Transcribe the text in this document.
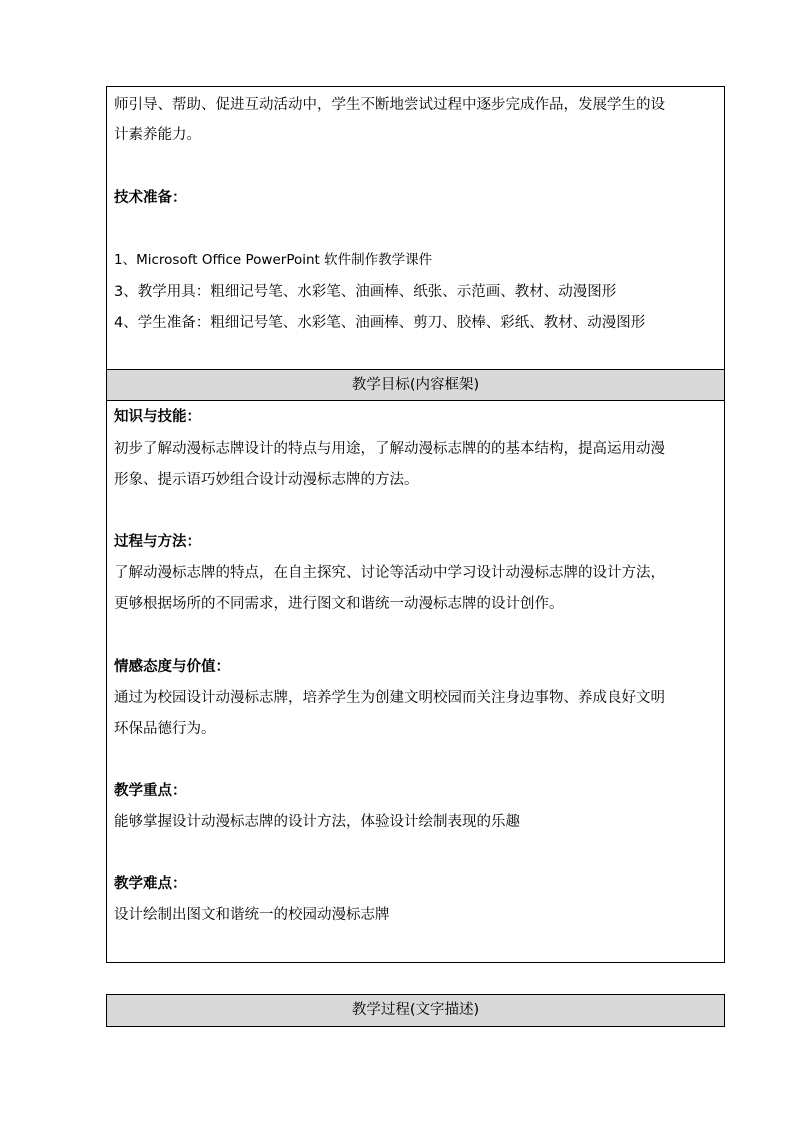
师引导、帮助、促进互动活动中，学生不断地尝试过程中逐步完成作品，发展学生的设
计素养能力。
技术准备：
1、Microsoft Office PowerPoint 软件制作教学课件
3、教学用具：粗细记号笔、水彩笔、油画棒、纸张、示范画、教材、动漫图形
4、学生准备：粗细记号笔、水彩笔、油画棒、剪刀、胶棒、彩纸、教材、动漫图形
教学目标(内容框架)
知识与技能：
初步了解动漫标志牌设计的特点与用途，了解动漫标志牌的的基本结构，提高运用动漫
形象、提示语巧妙组合设计动漫标志牌的方法。
过程与方法：
了解动漫标志牌的特点，在自主探究、讨论等活动中学习设计动漫标志牌的设计方法，
更够根据场所的不同需求，进行图文和谐统一动漫标志牌的设计创作。
情感态度与价值：
通过为校园设计动漫标志牌，培养学生为创建文明校园而关注身边事物、养成良好文明
环保品德行为。
教学重点：
能够掌握设计动漫标志牌的设计方法，体验设计绘制表现的乐趣
教学难点：
设计绘制出图文和谐统一的校园动漫标志牌
教学过程(文字描述)
